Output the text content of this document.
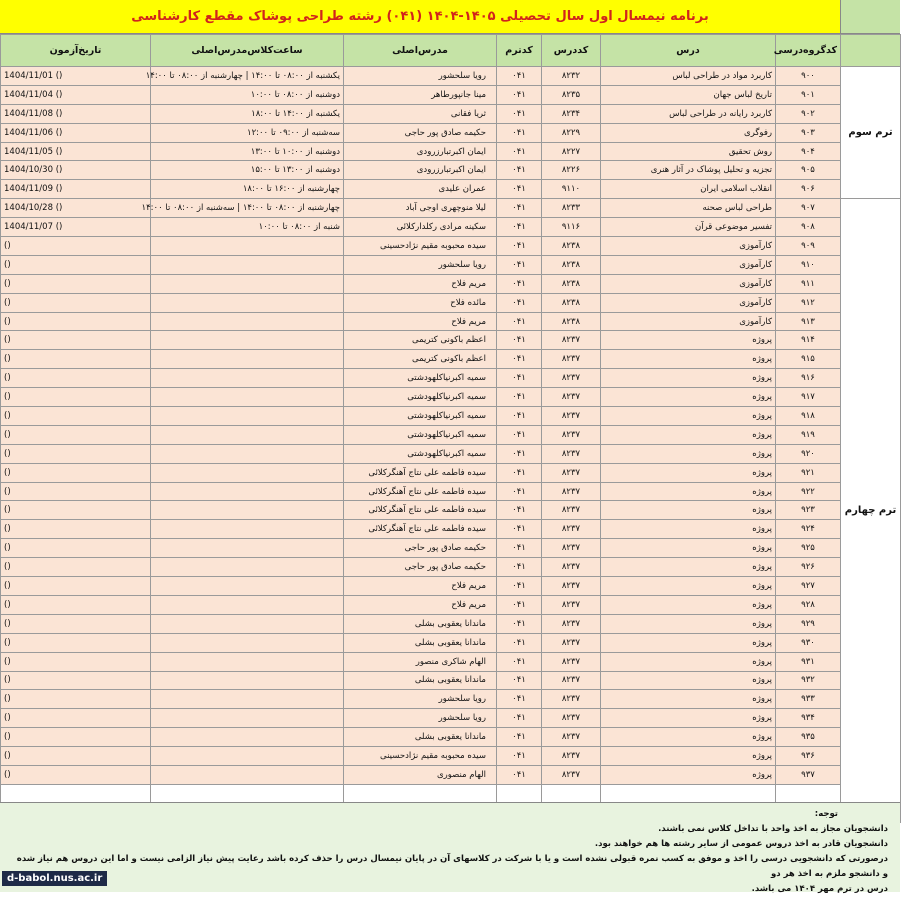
برنامه نیمسال اول سال تحصیلی ۱۴۰۵-۱۴۰۴ (۰۴۱) رشته طراحی پوشاک مقطع کارشناسی
	کدگروه‌درسی	درس	کددرس	کدترم	مدرس‌اصلی	ساعت‌کلاس‌مدرس‌اصلی	تاریخ‌آزمون
ترم سوم	۹۰۰	کاربرد مواد در طراحی لباس	۸۲۳۲	۰۴۱	رویا سلحشور	یکشنبه از ۰۸:۰۰ تا ۱۴:۰۰ | چهارشنبه از ۰۸:۰۰ تا ۱۴:۰۰	1404/11/01 ()
	۹۰۱	تاریخ لباس جهان	۸۲۳۵	۰۴۱	مینا جانپورطاهر	دوشنبه از ۰۸:۰۰ تا ۱۰:۰۰	1404/11/04 ()
	۹۰۲	کاربرد رایانه در طراحی لباس	۸۲۳۴	۰۴۱	ثریا فقانی	یکشنبه از ۱۴:۰۰ تا ۱۸:۰۰	1404/11/08 ()
	۹۰۳	رفوگری	۸۲۲۹	۰۴۱	حکیمه صادق پور حاجی	سه‌شنبه از ۰۹:۰۰ تا ۱۲:۰۰	1404/11/06 ()
	۹۰۴	روش تحقیق	۸۲۲۷	۰۴۱	ایمان اکبرتبارزرودی	دوشنبه از ۱۰:۰۰ تا ۱۳:۰۰	1404/11/05 ()
	۹۰۵	تجزیه و تحلیل پوشاک در آثار هنری	۸۲۲۶	۰۴۱	ایمان اکبرتبارزرودی	دوشنبه از ۱۳:۰۰ تا ۱۵:۰۰	1404/10/30 ()
	۹۰۶	انقلاب اسلامی ایران	۹۱۱۰	۰۴۱	عمران علیدی	چهارشنبه از ۱۶:۰۰ تا ۱۸:۰۰	1404/11/09 ()
ترم چهارم	۹۰۷	طراحی لباس صحنه	۸۲۳۳	۰۴۱	لیلا منوچهری اوجی آباد	چهارشنبه از ۰۸:۰۰ تا ۱۴:۰۰ | سه‌شنبه از ۰۸:۰۰ تا ۱۴:۰۰	1404/10/28 ()
	۹۰۸	تفسیر موضوعی قرآن	۹۱۱۶	۰۴۱	سکینه مرادی رکلدارکلائی	شنبه از ۰۸:۰۰ تا ۱۰:۰۰	1404/11/07 ()
	۹۰۹	کارآموزی	۸۲۳۸	۰۴۱	سیده محبوبه مقیم نژادحسینی		()
	۹۱۰	کارآموزی	۸۲۳۸	۰۴۱	رویا سلحشور		()
	۹۱۱	کارآموزی	۸۲۳۸	۰۴۱	مریم فلاح		()
	۹۱۲	کارآموزی	۸۲۳۸	۰۴۱	مائده فلاح		()
	۹۱۳	کارآموزی	۸۲۳۸	۰۴۱	مریم فلاح		()
	۹۱۴	پروژه	۸۲۳۷	۰۴۱	اعظم باکونی کتریمی		()
	۹۱۵	پروژه	۸۲۳۷	۰۴۱	اعظم باکونی کتریمی		()
	۹۱۶	پروژه	۸۲۳۷	۰۴۱	سمیه اکبرنیاکلهودشتی		()
	۹۱۷	پروژه	۸۲۳۷	۰۴۱	سمیه اکبرنیاکلهودشتی		()
	۹۱۸	پروژه	۸۲۳۷	۰۴۱	سمیه اکبرنیاکلهودشتی		()
	۹۱۹	پروژه	۸۲۳۷	۰۴۱	سمیه اکبرنیاکلهودشتی		()
	۹۲۰	پروژه	۸۲۳۷	۰۴۱	سمیه اکبرنیاکلهودشتی		()
	۹۲۱	پروژه	۸۲۳۷	۰۴۱	سیده فاطمه علی نتاج آهنگرکلائی		()
	۹۲۲	پروژه	۸۲۳۷	۰۴۱	سیده فاطمه علی نتاج آهنگرکلائی		()
	۹۲۳	پروژه	۸۲۳۷	۰۴۱	سیده فاطمه علی نتاج آهنگرکلائی		()
	۹۲۴	پروژه	۸۲۳۷	۰۴۱	سیده فاطمه علی نتاج آهنگرکلائی		()
	۹۲۵	پروژه	۸۲۳۷	۰۴۱	حکیمه صادق پور حاجی		()
	۹۲۶	پروژه	۸۲۳۷	۰۴۱	حکیمه صادق پور حاجی		()
	۹۲۷	پروژه	۸۲۳۷	۰۴۱	مریم فلاح		()
	۹۲۸	پروژه	۸۲۳۷	۰۴۱	مریم فلاح		()
	۹۲۹	پروژه	۸۲۳۷	۰۴۱	ماندانا یعقوبی بشلی		()
	۹۳۰	پروژه	۸۲۳۷	۰۴۱	ماندانا یعقوبی بشلی		()
	۹۳۱	پروژه	۸۲۳۷	۰۴۱	الهام شاکری منصور		()
	۹۳۲	پروژه	۸۲۳۷	۰۴۱	ماندانا یعقوبی بشلی		()
	۹۳۳	پروژه	۸۲۳۷	۰۴۱	رویا سلحشور		()
	۹۳۴	پروژه	۸۲۳۷	۰۴۱	رویا سلحشور		()
	۹۳۵	پروژه	۸۲۳۷	۰۴۱	ماندانا یعقوبی بشلی		()
	۹۳۶	پروژه	۸۲۳۷	۰۴۱	سیده محبوبه مقیم نژادحسینی		()
	۹۳۷	پروژه	۸۲۳۷	۰۴۱	الهام منصوری		()

توجه:
دانشجویان مجاز به اخذ واحد با تداخل کلاس نمی باشند.
دانشجویان قادر به اخذ دروس عمومی از سایر رشته ها هم خواهند بود.
درصورتی که دانشجویی درسی را اخذ و موفق به کسب نمره قبولی نشده است و یا با شرکت در کلاسهای آن در پایان نیمسال درس را حذف کرده باشد رعایت پیش نیاز الزامی نیست و اما این دروس هم نیاز شده و دانشجو ملزم به اخذ هر دو
درس در ترم مهر ۱۴۰۴ می باشد.
d-babol.nus.ac.ir
